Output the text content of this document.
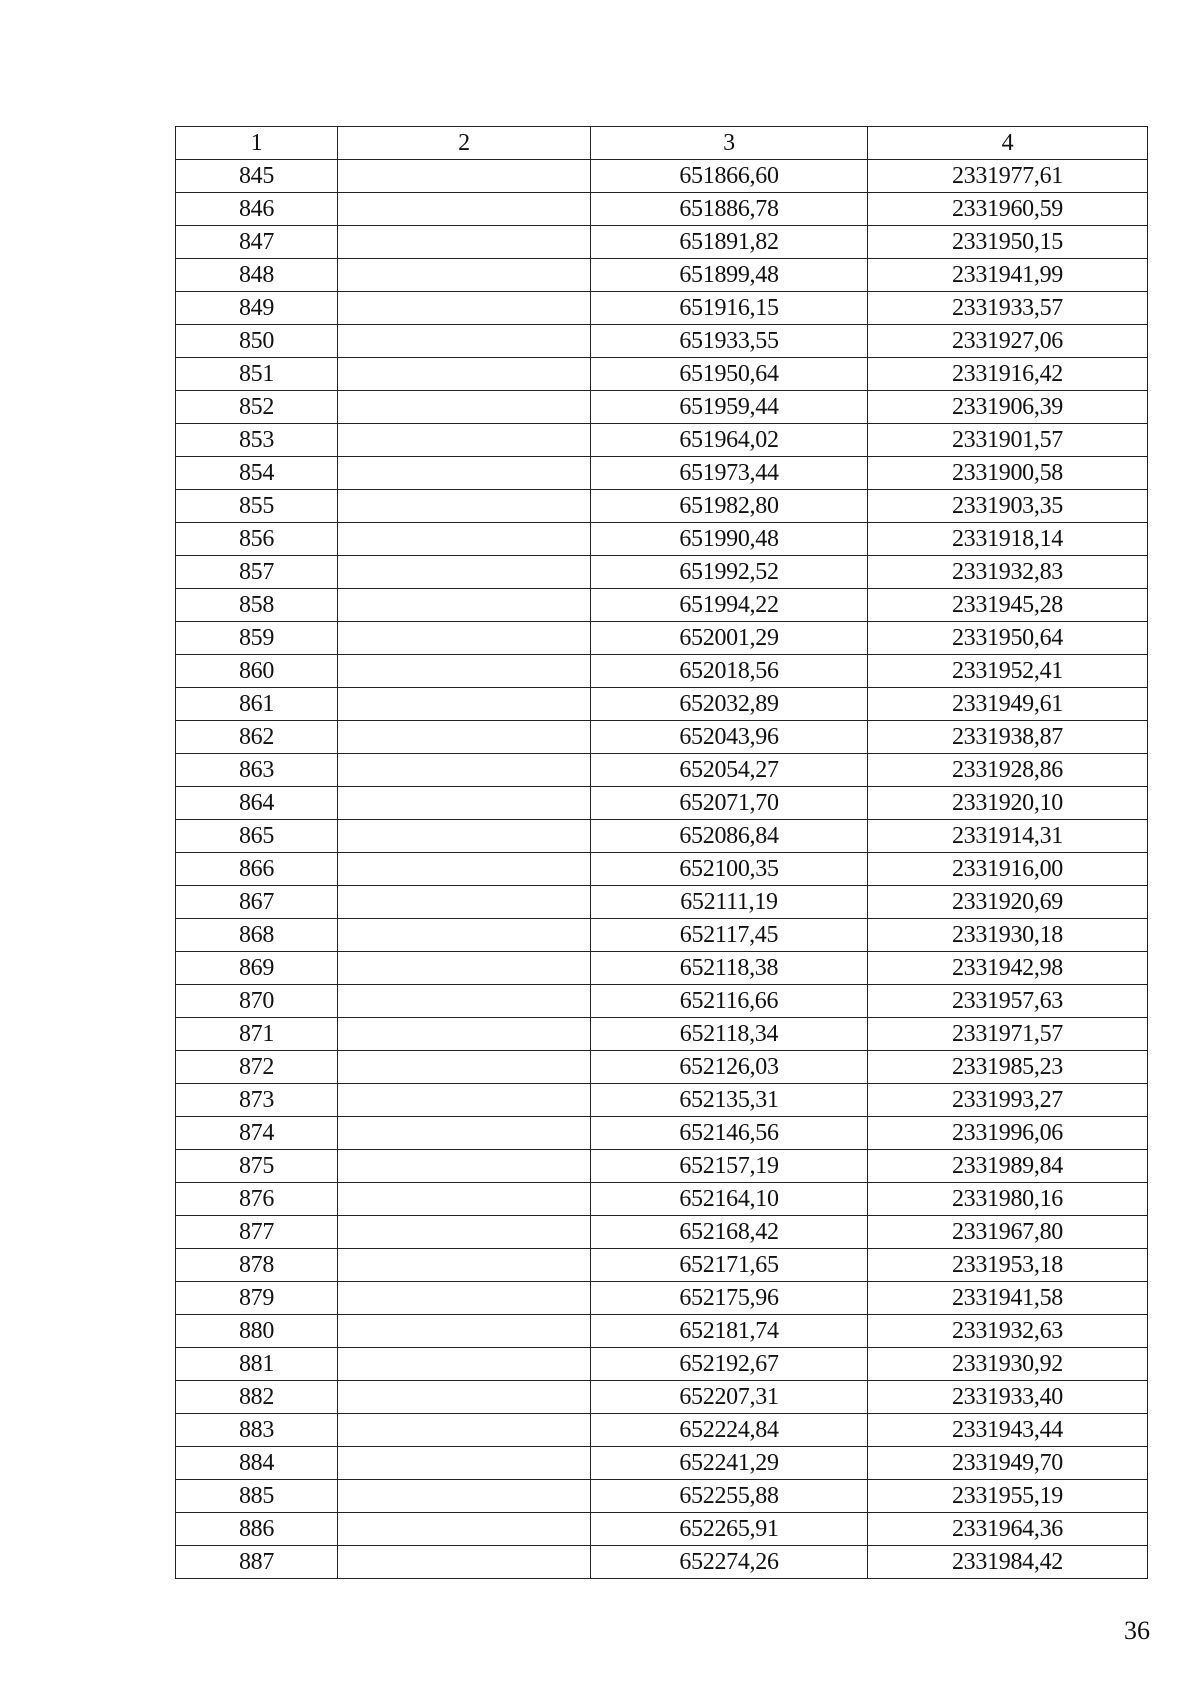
1	2	3	4
845		651866,60	2331977,61
846		651886,78	2331960,59
847		651891,82	2331950,15
848		651899,48	2331941,99
849		651916,15	2331933,57
850		651933,55	2331927,06
851		651950,64	2331916,42
852		651959,44	2331906,39
853		651964,02	2331901,57
854		651973,44	2331900,58
855		651982,80	2331903,35
856		651990,48	2331918,14
857		651992,52	2331932,83
858		651994,22	2331945,28
859		652001,29	2331950,64
860		652018,56	2331952,41
861		652032,89	2331949,61
862		652043,96	2331938,87
863		652054,27	2331928,86
864		652071,70	2331920,10
865		652086,84	2331914,31
866		652100,35	2331916,00
867		652111,19	2331920,69
868		652117,45	2331930,18
869		652118,38	2331942,98
870		652116,66	2331957,63
871		652118,34	2331971,57
872		652126,03	2331985,23
873		652135,31	2331993,27
874		652146,56	2331996,06
875		652157,19	2331989,84
876		652164,10	2331980,16
877		652168,42	2331967,80
878		652171,65	2331953,18
879		652175,96	2331941,58
880		652181,74	2331932,63
881		652192,67	2331930,92
882		652207,31	2331933,40
883		652224,84	2331943,44
884		652241,29	2331949,70
885		652255,88	2331955,19
886		652265,91	2331964,36
887		652274,26	2331984,42
36
